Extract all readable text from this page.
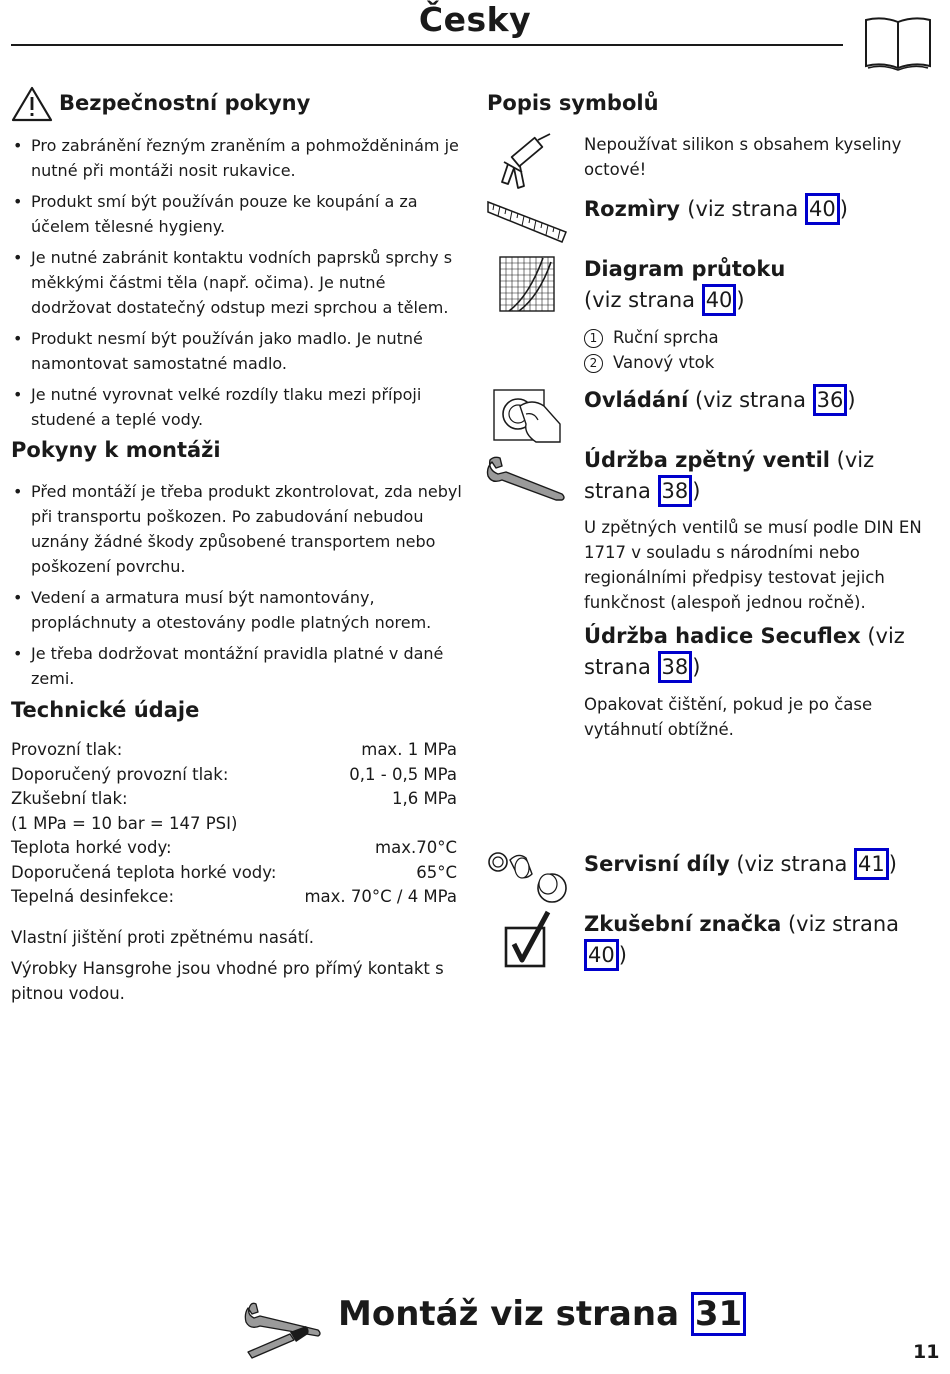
Česky
Bezpečnostní pokyny
• Pro zabránění řezným zraněním a pohmožděninám je nutné při montáži nosit rukavice.
• Produkt smí být používán pouze ke koupání a za účelem tělesné hygieny.
• Je nutné zabránit kontaktu vodních paprsků sprchy s měkkými částmi těla (např. očima). Je nutné dodržovat dostatečný odstup mezi sprchou a tělem.
• Produkt nesmí být používán jako madlo. Je nutné namontovat samostatné madlo.
• Je nutné vyrovnat velké rozdíly tlaku mezi přípoji studené a teplé vody.
Pokyny k montáži
• Před montáží je třeba produkt zkontrolovat, zda nebyl při transportu poškozen. Po zabudování nebudou uznány žádné škody způsobené transportem nebo poškození povrchu.
• Vedení a armatura musí být namontovány, propláchnuty a otestovány podle platných norem.
• Je třeba dodržovat montážní pravidla platné v dané zemi.
Technické údaje
Provozní tlak:	max. 1 MPa
Doporučený provozní tlak:	0,1 - 0,5 MPa
Zkušební tlak:	1,6 MPa
(1 MPa = 10 bar = 147 PSI)
Teplota horké vody:	max.70°C
Doporučená teplota horké vody:	65°C
Tepelná desinfekce:	max. 70°C / 4 MPa

Vlastní jištění proti zpětnému nasátí.

Výrobky Hansgrohe jsou vhodné pro přímý kontakt s pitnou vodou.

Popis symbolů

Nepoužívat silikon s obsahem kyseliny octové!

Rozmìry (viz strana 40 )
Diagram průtoku
(viz strana 40 )
1 Ruční sprcha
2 Vanový vtok
Ovládání (viz strana 36 )
Údržba zpětný ventil (viz strana 38 )

U zpětných ventilů se musí podle DIN EN 1717 v souladu s národními nebo regionálními předpisy testovat jejich funkčnost (alespoň jednou ročně).

Údržba hadice Secuflex (viz strana 38 )

Opakovat čištění, pokud je po čase vytáhnutí obtížné.

Servisní díly (viz strana 41 )
Zkušební značka (viz strana 40 )
Montáž viz strana 31
11
